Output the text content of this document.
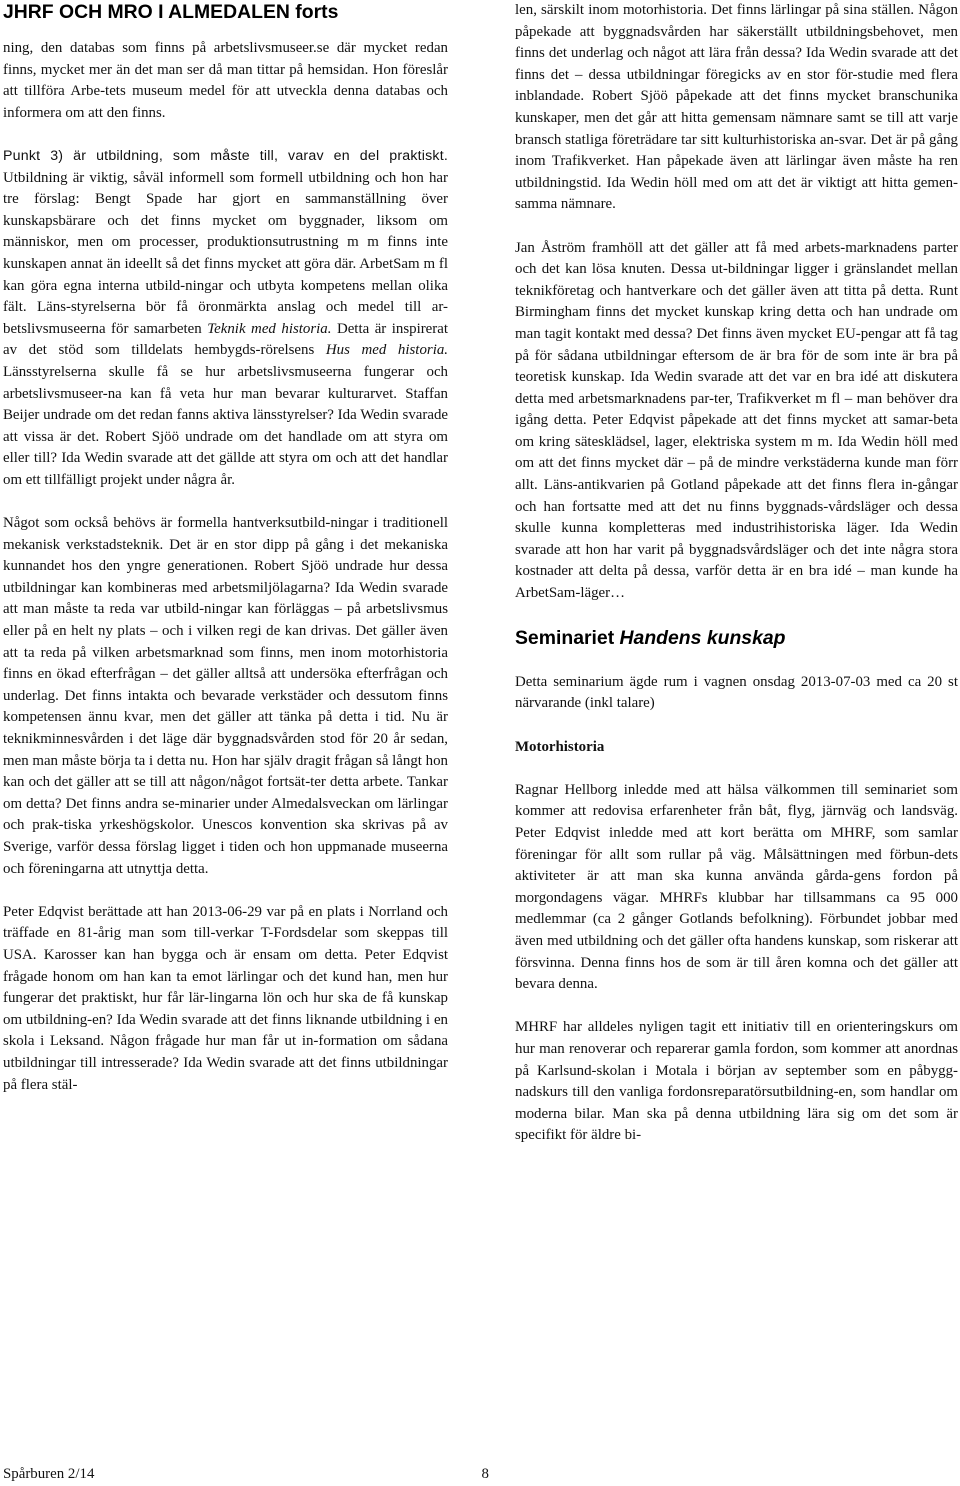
JHRF OCH MRO I ALMEDALEN forts

ning, den databas som finns på arbetslivsmuseer.se där mycket redan finns, mycket mer än det man ser då man tittar på hemsidan. Hon föreslår att tillföra Arbe-tets museum medel för att utveckla denna databas och informera om att den finns.

Punkt 3) är utbildning, som måste till, varav en del praktiskt. Utbildning är viktig, såväl informell som formell utbildning och hon har tre förslag: Bengt Spade har gjort en sammanställning över kunskapsbärare och det finns mycket om byggnader, liksom om människor, men om processer, produktionsutrustning m m finns inte kunskapen annat än ideellt så det finns mycket att göra där. ArbetSam m fl kan göra egna interna utbild-ningar och utbyta kompetens mellan olika fält. Läns-styrelserna bör få öronmärkta anslag och medel till ar-betslivsmuseerna för samarbeten Teknik med historia. Detta är inspirerat av det stöd som tilldelats hembygds-rörelsens Hus med historia. Länsstyrelserna skulle få se hur arbetslivsmuseerna fungerar och arbetslivsmuseer-na kan få veta hur man bevarar kulturarvet. Staffan Beijer undrade om det redan fanns aktiva länsstyrelser? Ida Wedin svarade att vissa är det. Robert Sjöö undrade om det handlade om att styra om eller till? Ida Wedin svarade att det gällde att styra om och att det handlar om ett tillfälligt projekt under några år.

Något som också behövs är formella hantverksutbild-ningar i traditionell mekanisk verkstadsteknik. Det är en stor dipp på gång i det mekaniska kunnandet hos den yngre generationen. Robert Sjöö undrade hur dessa utbildningar kan kombineras med arbetsmiljölagarna? Ida Wedin svarade att man måste ta reda var utbild-ningar kan förläggas – på arbetslivsmus eller på en helt ny plats – och i vilken regi de kan drivas. Det gäller även att ta reda på vilken arbetsmarknad som finns, men inom motorhistoria finns en ökad efterfrågan – det gäller alltså att undersöka efterfrågan och underlag. Det finns intakta och bevarade verkstäder och dessutom finns kompetensen ännu kvar, men det gäller att tänka på detta i tid. Nu är teknikminnesvården i det läge där byggnadsvården stod för 20 år sedan, men man måste börja ta i detta nu. Hon har själv dragit frågan så långt hon kan och det gäller att se till att någon/något fortsät-ter detta arbete. Tankar om detta? Det finns andra se-minarier under Almedalsveckan om lärlingar och prak-tiska yrkeshögskolor. Unescos konvention ska skrivas på av Sverige, varför dessa förslag ligget i tiden och hon uppmanade museerna och föreningarna att utnyttja detta.

Peter Edqvist berättade att han 2013-06-29 var på en plats i Norrland och träffade en 81-årig man som till-verkar T-Fordsdelar som skeppas till USA. Karosser kan han bygga och är ensam om detta. Peter Edqvist frågade honom om han kan ta emot lärlingar och det kund han, men hur fungerar det praktiskt, hur får lär-lingarna lön och hur ska de få kunskap om utbildning-en? Ida Wedin svarade att det finns liknande utbildning i en skola i Leksand. Någon frågade hur man får ut in-formation om sådana utbildningar till intresserade? Ida Wedin svarade att det finns utbildningar på flera stäl-

len, särskilt inom motorhistoria. Det finns lärlingar på sina ställen. Någon påpekade att byggnadsvården har säkerställt utbildningsbehovet, men finns det underlag och något att lära från dessa? Ida Wedin svarade att det finns det – dessa utbildningar föregicks av en stor för-studie med flera inblandade. Robert Sjöö påpekade att det finns mycket branschunika kunskaper, men det går att hitta gemensam nämnare samt se till att varje bransch statliga företrädare tar sitt kulturhistoriska an-svar. Det är på gång inom Trafikverket. Han påpekade även att lärlingar även måste ha ren utbildningstid. Ida Wedin höll med om att det är viktigt att hitta gemen-samma nämnare.

Jan Åström framhöll att det gäller att få med arbets-marknadens parter och det kan lösa knuten. Dessa ut-bildningar ligger i gränslandet mellan teknikföretag och hantverkare och det gäller även att titta på detta. Runt Birmingham finns det mycket kunskap kring detta och han undrade om man tagit kontakt med dessa? Det finns även mycket EU-pengar att få tag på för sådana utbildningar eftersom de är bra för de som inte är bra på teoretisk kunskap. Ida Wedin svarade att det var en bra idé att diskutera detta med arbetsmarknadens par-ter, Trafikverket m fl – man behöver dra igång detta. Peter Edqvist påpekade att det finns mycket att samar-beta om kring sätesklädsel, lager, elektriska system m m. Ida Wedin höll med om att det finns mycket där – på de mindre verkstäderna kunde man förr allt. Läns-antikvarien på Gotland påpekade att det finns flera in-gångar och han fortsatte med att det nu finns byggnads-vårdsläger och dessa skulle kunna kompletteras med industrihistoriska läger. Ida Wedin svarade att hon har varit på byggnadsvårdsläger och det inte några stora kostnader att delta på dessa, varför detta är en bra idé – man kunde ha ArbetSam-läger…

Seminariet Handens kunskap

Detta seminarium ägde rum i vagnen onsdag 2013-07-03 med ca 20 st närvarande (inkl talare)

Motorhistoria

Ragnar Hellborg inledde med att hälsa välkommen till seminariet som kommer att redovisa erfarenheter från båt, flyg, järnväg och landsväg. Peter Edqvist inledde med att kort berätta om MHRF, som samlar föreningar för allt som rullar på väg. Målsättningen med förbun-dets aktiviteter är att man ska kunna använda gårda-gens fordon på morgondagens vägar. MHRFs klubbar har tillsammans ca 95 000 medlemmar (ca 2 gånger Gotlands befolkning). Förbundet jobbar med även med utbildning och det gäller ofta handens kunskap, som riskerar att försvinna. Denna finns hos de som är till åren komna och det gäller att bevara denna.

MHRF har alldeles nyligen tagit ett initiativ till en orienteringskurs om hur man renoverar och reparerar gamla fordon, som kommer att anordnas på Karlsund-skolan i Motala i början av september som en påbygg-nadskurs till den vanliga fordonsreparatörsutbildning-en, som handlar om moderna bilar. Man ska på denna utbildning lära sig om det som är specifikt för äldre bi-

Spårburen 2/14	8
